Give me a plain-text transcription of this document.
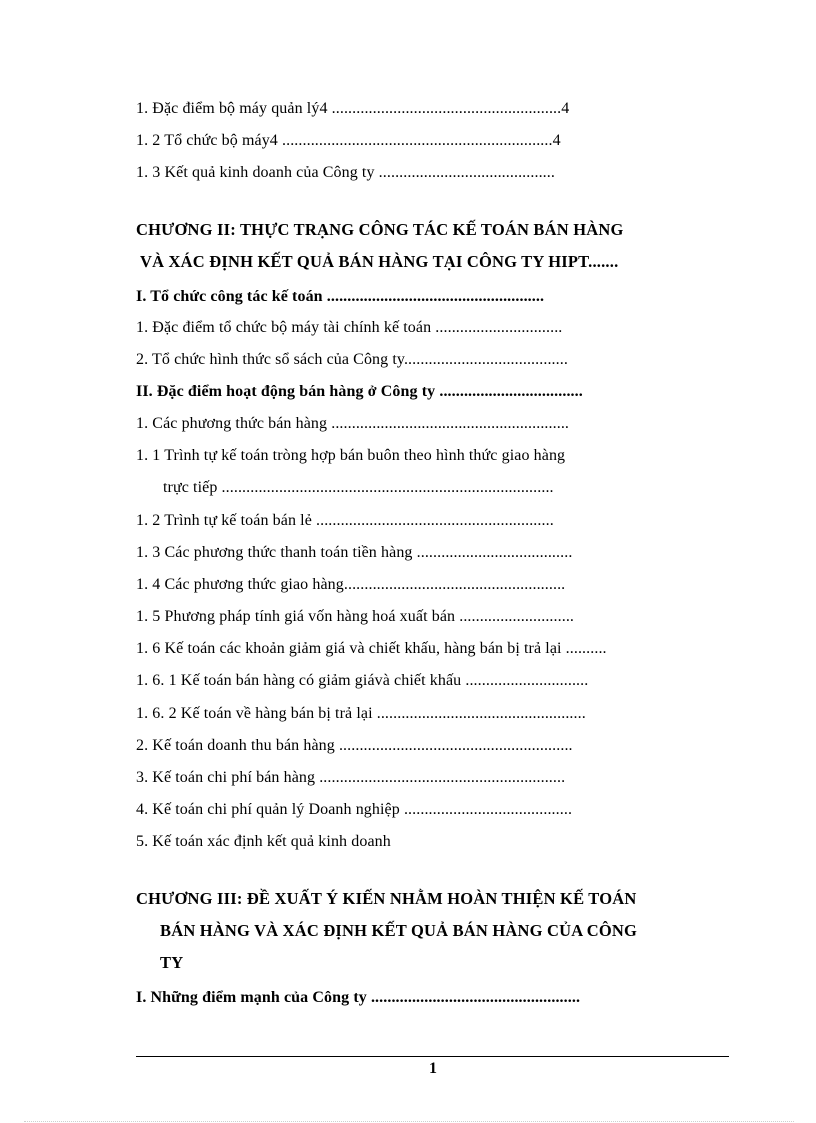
1. Đặc điểm bộ máy quản lý4 ........................................................4
1. 2 Tổ chức bộ máy4 ..................................................................4
1. 3 Kết quả kinh doanh của Công ty ...........................................
CHƯƠNG II: THỰC TRẠNG CÔNG TÁC KẾ TOÁN BÁN HÀNG
VÀ XÁC ĐỊNH KẾT QUẢ BÁN HÀNG TẠI CÔNG TY HIPT.......
I. Tổ chức công tác kế toán .....................................................
1. Đặc điểm tổ chức bộ máy tài chính kế toán ...............................
2. Tổ chức hình thức sổ sách của Công ty........................................
II. Đặc điểm hoạt động bán hàng ở Công ty ...................................
1. Các phương thức bán hàng ..........................................................
1. 1 Trình tự kế toán tròng hợp bán buôn theo hình thức giao hàng
trực tiếp .................................................................................
1. 2 Trình tự kế toán bán lẻ ..........................................................
1. 3 Các phương thức thanh toán tiền hàng ......................................
1. 4 Các phương thức giao hàng......................................................
1. 5 Phương pháp tính giá vốn hàng hoá xuất bán ............................
1. 6 Kế toán các khoản giảm giá và chiết khấu, hàng bán bị trả lại ..........
1. 6. 1 Kế toán bán hàng có giảm giávà chiết khấu ..............................
1. 6. 2 Kế toán về hàng bán bị trả lại ...................................................
2. Kế toán doanh thu bán hàng .........................................................
3. Kế toán chi phí bán hàng ............................................................
4. Kế toán chi phí quản lý Doanh nghiệp .........................................
5. Kế toán xác định kết quả kinh doanh
CHƯƠNG III: ĐỀ XUẤT Ý KIẾN NHẰM HOÀN THIỆN KẾ TOÁN
BÁN HÀNG VÀ XÁC ĐỊNH KẾT QUẢ BÁN HÀNG CỦA CÔNG
TY
I. Những điểm mạnh của Công ty ...................................................
1
